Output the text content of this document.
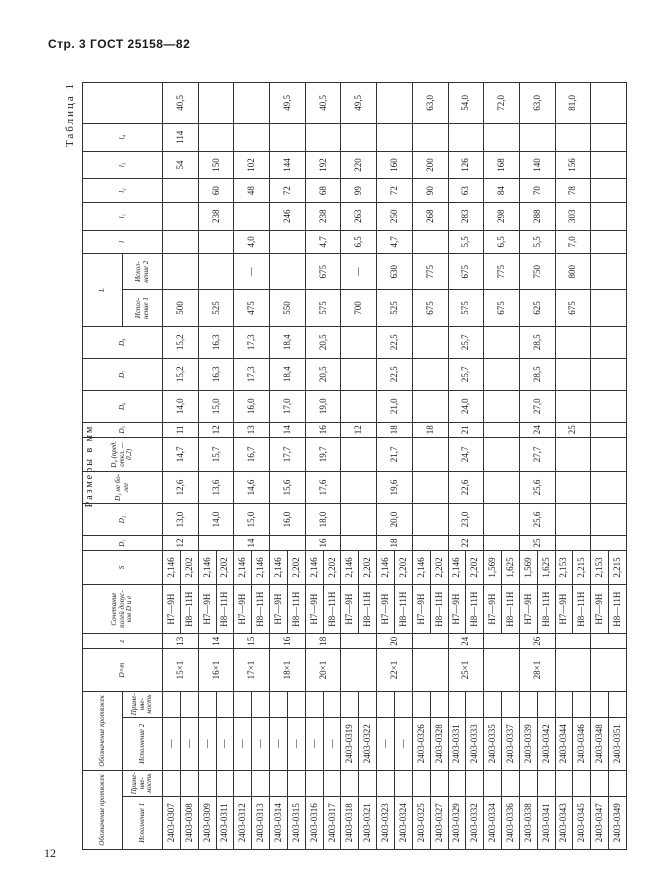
Стр. 3 ГОСТ 25158—82
12
Таблица 1
Размеры в мм
Обозначение протяжек		Обозначение протяжек		D×m	z	Сочетание полей допус- ков D и е	S	D₁	D₂	D₃ не бо- лее	D₄ (пред. откл. —0,2)	D₅	D₆	D₇	D₈	L		l	l₁	l₂	l₃	l₄	
Исполнение 1	Приме- няе- мость	Исполнение 2	Приме- няе- мость													Испол- нение 1	Испол- нение 2						
2403-0307		—		15×1	13	H7—9H	2,146	12	13,0	12,6	14,7	11	14,0	15,2	15,2	500					54	114	40,5
2403-0308		—				H8—11H	2,202																
2403-0309		—		16×1	14	H7—9H	2,146		14,0	13,6	15,7	12	15,0	16,3	16,3	525			238	60	150		
2403-0311		—				H8—11H	2,202																
2403-0312		—		17×1	15	H7—9H	2,146	14	15,0	14,6	16,7	13	16,0	17,3	17,3	475	—	4,0		48	102		
2403-0313		—				H8—11H	2,146																
2403-0314		—		18×1	16	H7—9H	2,146		16,0	15,6	17,7	14	17,0	18,4	18,4	550			246	72	144		49,5
2403-0315		—				H8—11H	2,202																
2403-0316		—		20×1	18	H7—9H	2,146	16	18,0	17,6	19,7	16	19,0	20,5	20,5	575	675	4,7	238	68	192		40,5
2403-0317		—				H8—11H	2,202																
2403-0318		2403-0319				H7—9H	2,146					12				700	—	6,5	263	99	220		49,5
2403-0321		2403-0322				H8—11H	2,202																
2403-0323		—		22×1	20	H7—9H	2,146	18	20,0	19,6	21,7	18	21,0	22,5	22,5	525	630	4,7	250	72	160		
2403-0324		—				H8—11H	2,202																
2403-0325		2403-0326				H7—9H	2,146					18				675	775		268	90	200		63,0
2403-0327		2403-0328				H8—11H	2,202																
2403-0329		2403-0331		25×1	24	H7—9H	2,146	22	23,0	22,6	24,7	21	24,0	25,7	25,7	575	675	5,5	283	63	126		54,0
2403-0332		2403-0333				H8—11H	2,202																
2403-0334		2403-0335				H7—9H	1,569									675	775	6,5	298	84	168		72,0
2403-0336		2403-0337				H8—11H	1,625																
2403-0338		2403-0339		28×1	26	H7—9H	1,569	25	25,6	25,6	27,7	24	27,0	28,5	28,5	625	750	5,5	288	70	140		63,0
2403-0341		2403-0342				H8—11H	1,625																
2403-0343		2403-0344				H7—9H	2,153					25				675	800	7,0	303	78	156		81,0
2403-0345		2403-0346				H8—11H	2,215																
2403-0347		2403-0348				H7—9H	2,153																
2403-0349		2403-0351				H8—11H	2,215																
